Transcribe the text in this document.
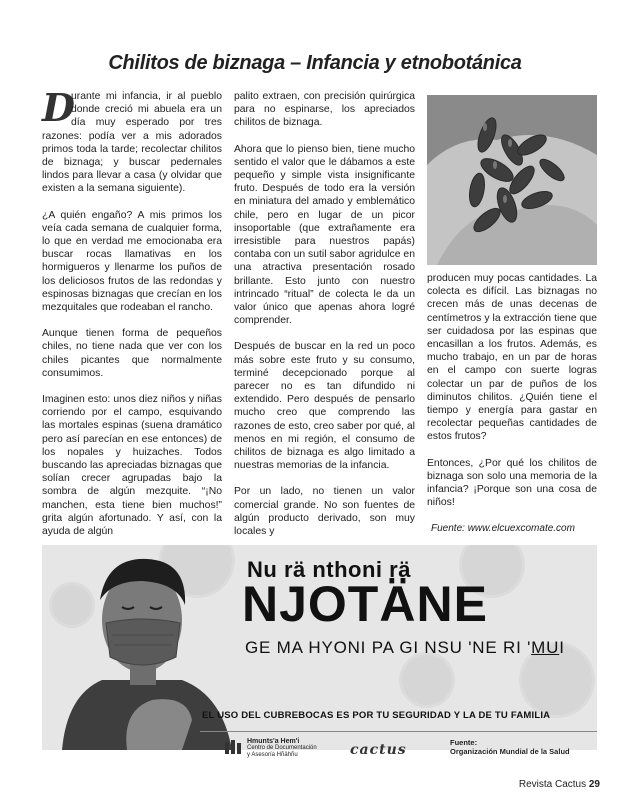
Chilitos de biznaga – Infancia y etnobotánica

D
urante mi infancia, ir al pueblo donde creció mi abuela era un día muy esperado por tres razones: podía ver a mis adorados primos toda la tarde; recolectar chilitos de biznaga; y buscar pedernales lindos para llevar a casa (y olvidar que existen a la semana siguiente).

¿A quién engaño? A mis primos los veía cada semana de cualquier forma, lo que en verdad me emocionaba era buscar rocas llamativas en los hormigueros y llenarme los puños de los deliciosos frutos de las redondas y espinosas biznagas que crecían en los mezquitales que rodeaban el rancho.

Aunque tienen forma de pequeños chiles, no tiene nada que ver con los chiles picantes que normalmente consumimos.

Imaginen esto: unos diez niños y niñas corriendo por el campo, esquivando las mortales espinas (suena dramático pero así parecían en ese entonces) de los nopales y huizaches. Todos buscando las apreciadas biznagas que solían crecer agrupadas bajo la sombra de algún mezquite. “¡No manchen, esta tiene bien muchos!” grita algún afortunado. Y así, con la ayuda de algún

palito extraen, con precisión quirúrgica para no espinarse, los apreciados chilitos de biznaga.

Ahora que lo pienso bien, tiene mucho sentido el valor que le dábamos a este pequeño y simple vista insignificante fruto. Después de todo era la versión en miniatura del amado y emblemático chile, pero en lugar de un picor insoportable (que extrañamente era irresistible para nuestros papás) contaba con un sutil sabor agridulce en una atractiva presentación rosado brillante. Esto junto con nuestro intrincado “ritual” de colecta le da un valor único que apenas ahora logré comprender.

Después de buscar en la red un poco más sobre este fruto y su consumo, terminé decepcionado porque al parecer no es tan difundido ni extendido. Pero después de pensarlo mucho creo que comprendo las razones de esto, creo saber por qué, al menos en mi región, el consumo de chilitos de biznaga es algo limitado a nuestras memorias de la infancia.

Por un lado, no tienen un valor comercial grande. No son fuentes de algún producto derivado, son muy locales y

producen muy pocas cantidades. La colecta es difícil. Las biznagas no crecen más de unas decenas de centímetros y la extracción tiene que ser cuidadosa por las espinas que encasillan a los frutos. Además, es mucho trabajo, en un par de horas en el campo con suerte logras colectar un par de puños de los diminutos chilitos. ¿Quién tiene el tiempo y energía para gastar en recolectar pequeñas cantidades de estos frutos?

Entonces, ¿Por qué los chilitos de biznaga son solo una memoria de la infancia? ¡Porque son una cosa de niños!

Fuente: www.elcuexcomate.com
Nu rä nthoni rä
NJOTÄNE
GE MA HYONI PA GI NSU 'NE RI 'MUI
EL USO DEL CUBREBOCAS ES POR TU SEGURIDAD Y LA DE TU FAMILIA
Hmunts'a Hem'i
Centro de Documentación
y Asesoría Hñähñu	cactus	Fuente:
Organización Mundial de la Salud
Revista Cactus 29
